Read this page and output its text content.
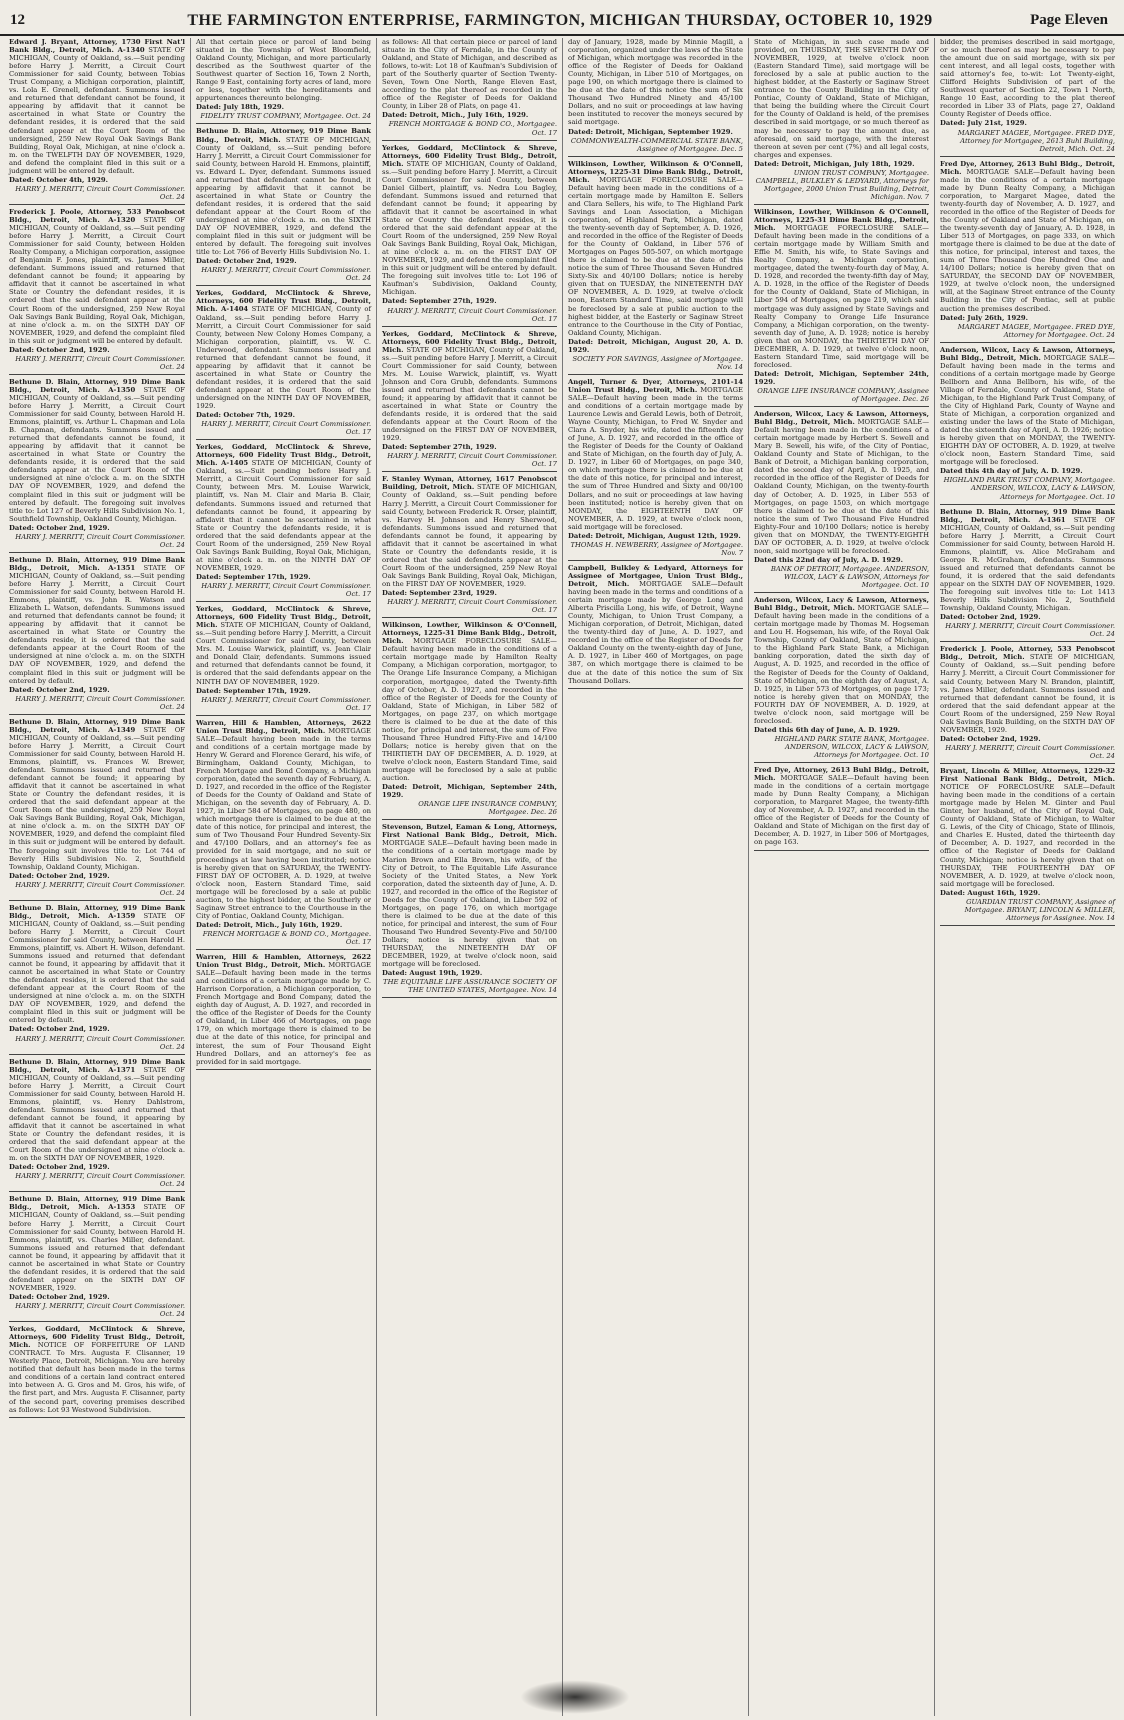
12	THE FARMINGTON ENTERPRISE, FARMINGTON, MICHIGAN THURSDAY, OCTOBER 10, 1929	Page Eleven
Edward J. Bryant, Attorney, 1730 First Nat'l Bank Bldg., Detroit, Mich. A-1340 STATE OF MICHIGAN, County of Oakland, ss.—Suit pending before Harry J. Merritt, a Circuit Court Commissioner for said County, between Tobias Trust Company, a Michigan corporation, plaintiff, vs. Lola E. Grenell, defendant. Summons issued and returned that defendant cannot be found, it appearing by affidavit that it cannot be ascertained in what State or Country the defendant resides, it is ordered that the said defendant appear at the Court Room of the undersigned, 259 New Royal Oak Savings Bank Building, Royal Oak, Michigan, at nine o'clock a. m. on the TWELFTH DAY OF NOVEMBER, 1929, and defend the complaint filed in this suit or a judgment will be entered by default.
Dated: October 4th, 1929.
HARRY J. MERRITT, Circuit Court Commissioner. Oct. 24
Frederick J. Poole, Attorney, 533 Penobscot Bldg., Detroit, Mich. A-1320 STATE OF MICHIGAN, County of Oakland, ss.—Suit pending before Harry J. Merritt, a Circuit Court Commissioner for said County, between Holden Realty Company, a Michigan corporation, assignee of Benjamin F. Jones, plaintiff, vs. James Miller, defendant. Summons issued and returned that defendant cannot be found; it appearing by affidavit that it cannot be ascertained in what State or Country the defendant resides, it is ordered that the said defendant appear at the Court Room of the undersigned, 259 New Royal Oak Savings Bank Building, Royal Oak, Michigan, at nine o'clock a. m. on the SIXTH DAY OF NOVEMBER, 1929, and defend the complaint filed in this suit or judgment will be entered by default.
Dated: October 2nd, 1929.
HARRY J. MERRITT, Circuit Court Commissioner. Oct. 24
Bethune D. Blain, Attorney, 919 Dime Bank Bldg., Detroit, Mich. A-1350 STATE OF MICHIGAN, County of Oakland, ss.—Suit pending before Harry J. Merritt, a Circuit Court Commissioner for said County, between Harold H. Emmons, plaintiff, vs. Arthur L. Chapman and Lola B. Chapman, defendants. Summons issued and returned that defendants cannot be found, it appearing by affidavit that it cannot be ascertained in what State or Country the defendants reside, it is ordered that the said defendants appear at the Court Room of the undersigned at nine o'clock a. m. on the SIXTH DAY OF NOVEMBER, 1929, and defend the complaint filed in this suit or judgment will be entered by default. The foregoing suit involves title to: Lot 127 of Beverly Hills Subdivision No. 1, Southfield Township, Oakland County, Michigan.
Dated: October 2nd, 1929.
HARRY J. MERRITT, Circuit Court Commissioner. Oct. 24
Bethune D. Blain, Attorney, 919 Dime Bank Bldg., Detroit, Mich. A-1351 STATE OF MICHIGAN, County of Oakland, ss.—Suit pending before Harry J. Merritt, a Circuit Court Commissioner for said County, between Harold H. Emmons, plaintiff, vs. John R. Watson and Elizabeth L. Watson, defendants. Summons issued and returned that defendants cannot be found; it appearing by affidavit that it cannot be ascertained in what State or Country the defendants reside, it is ordered that the said defendants appear at the Court Room of the undersigned at nine o'clock a. m. on the SIXTH DAY OF NOVEMBER, 1929, and defend the complaint filed in this suit or judgment will be entered by default.
Dated: October 2nd, 1929.
HARRY J. MERRITT, Circuit Court Commissioner. Oct. 24
Bethune D. Blain, Attorney, 919 Dime Bank Bldg., Detroit, Mich. A-1349 STATE OF MICHIGAN, County of Oakland, ss.—Suit pending before Harry J. Merritt, a Circuit Court Commissioner for said County, between Harold H. Emmons, plaintiff, vs. Frances W. Brewer, defendant. Summons issued and returned that defendant cannot be found; it appearing by affidavit that it cannot be ascertained in what State or Country the defendant resides, it is ordered that the said defendant appear at the Court Room of the undersigned, 259 New Royal Oak Savings Bank Building, Royal Oak, Michigan, at nine o'clock a. m. on the SIXTH DAY OF NOVEMBER, 1929, and defend the complaint filed in this suit or judgment will be entered by default. The foregoing suit involves title to: Lot 744 of Beverly Hills Subdivision No. 2, Southfield Township, Oakland County, Michigan.
Dated: October 2nd, 1929.
HARRY J. MERRITT, Circuit Court Commissioner. Oct. 24
Bethune D. Blain, Attorney, 919 Dime Bank Bldg., Detroit, Mich. A-1359 STATE OF MICHIGAN, County of Oakland, ss.—Suit pending before Harry J. Merritt, a Circuit Court Commissioner for said County, between Harold H. Emmons, plaintiff, vs. Albert H. Wilson, defendant. Summons issued and returned that defendant cannot be found, it appearing by affidavit that it cannot be ascertained in what State or Country the defendant resides, it is ordered that the said defendant appear at the Court Room of the undersigned at nine o'clock a. m. on the SIXTH DAY OF NOVEMBER, 1929, and defend the complaint filed in this suit or judgment will be entered by default.
Dated: October 2nd, 1929.
HARRY J. MERRITT, Circuit Court Commissioner. Oct. 24
Bethune D. Blain, Attorney, 919 Dime Bank Bldg., Detroit, Mich. A-1371 STATE OF MICHIGAN, County of Oakland, ss.—Suit pending before Harry J. Merritt, a Circuit Court Commissioner for said County, between Harold H. Emmons, plaintiff, vs. Henry Dahlstrom, defendant. Summons issued and returned that defendant cannot be found, it appearing by affidavit that it cannot be ascertained in what State or Country the defendant resides, it is ordered that the said defendant appear at the Court Room of the undersigned at nine o'clock a. m. on the SIXTH DAY OF NOVEMBER, 1929.
Dated: October 2nd, 1929.
HARRY J. MERRITT, Circuit Court Commissioner. Oct. 24
Bethune D. Blain, Attorney, 919 Dime Bank Bldg., Detroit, Mich. A-1353 STATE OF MICHIGAN, County of Oakland, ss.—Suit pending before Harry J. Merritt, a Circuit Court Commissioner for said County, between Harold H. Emmons, plaintiff, vs. Charles Miller, defendant. Summons issued and returned that defendant cannot be found, it appearing by affidavit that it cannot be ascertained in what State or Country the defendant resides, it is ordered that the said defendant appear on the SIXTH DAY OF NOVEMBER, 1929.
Dated: October 2nd, 1929.
HARRY J. MERRITT, Circuit Court Commissioner. Oct. 24
Yerkes, Goddard, McClintock & Shreve, Attorneys, 600 Fidelity Trust Bldg., Detroit, Mich. NOTICE OF FORFEITURE OF LAND CONTRACT. To Mrs. Augusta F. Clisanner, 19 Westerly Place, Detroit, Michigan. You are hereby notified that default has been made in the terms and conditions of a certain land contract entered into between A. G. Gros and M. Gros, his wife, of the first part, and Mrs. Augusta F. Clisanner, party of the second part, covering premises described as follows: Lot 93 Westwood Subdivision.
All that certain piece or parcel of land being situated in the Township of West Bloomfield, Oakland County, Michigan, and more particularly described as the Southwest quarter of the Southwest quarter of Section 16, Town 2 North, Range 9 East, containing forty acres of land, more or less, together with the hereditaments and appurtenances thereunto belonging.
Dated: July 18th, 1929.
FIDELITY TRUST COMPANY, Mortgagee. Oct. 24
Bethune D. Blain, Attorney, 919 Dime Bank Bldg., Detroit, Mich. STATE OF MICHIGAN, County of Oakland, ss.—Suit pending before Harry J. Merritt, a Circuit Court Commissioner for said County, between Harold H. Emmons, plaintiff, vs. Edward L. Dyer, defendant. Summons issued and returned that defendant cannot be found, it appearing by affidavit that it cannot be ascertained in what State or Country the defendant resides, it is ordered that the said defendant appear at the Court Room of the undersigned at nine o'clock a. m. on the SIXTH DAY OF NOVEMBER, 1929, and defend the complaint filed in this suit or judgment will be entered by default. The foregoing suit involves title to: Lot 766 of Beverly Hills Subdivision No. 1.
Dated: October 2nd, 1929.
HARRY J. MERRITT, Circuit Court Commissioner. Oct. 24
Yerkes, Goddard, McClintock & Shreve, Attorneys, 600 Fidelity Trust Bldg., Detroit, Mich. A-1404 STATE OF MICHIGAN, County of Oakland, ss.—Suit pending before Harry J. Merritt, a Circuit Court Commissioner for said County, between New Colony Homes Company, a Michigan corporation, plaintiff, vs. W. C. Underwood, defendant. Summons issued and returned that defendant cannot be found, it appearing by affidavit that it cannot be ascertained in what State or Country the defendant resides, it is ordered that the said defendant appear at the Court Room of the undersigned on the NINTH DAY OF NOVEMBER, 1929.
Dated: October 7th, 1929.
HARRY J. MERRITT, Circuit Court Commissioner. Oct. 17
Yerkes, Goddard, McClintock & Shreve, Attorneys, 600 Fidelity Trust Bldg., Detroit, Mich. A-1405 STATE OF MICHIGAN, County of Oakland, ss.—Suit pending before Harry J. Merritt, a Circuit Court Commissioner for said County, between Mrs. M. Louise Warwick, plaintiff, vs. Nan M. Clair and Maria B. Clair, defendants. Summons issued and returned that defendants cannot be found, it appearing by affidavit that it cannot be ascertained in what State or Country the defendants reside, it is ordered that the said defendants appear at the Court Room of the undersigned, 259 New Royal Oak Savings Bank Building, Royal Oak, Michigan, at nine o'clock a. m. on the NINTH DAY OF NOVEMBER, 1929.
Dated: September 17th, 1929.
HARRY J. MERRITT, Circuit Court Commissioner. Oct. 17
Yerkes, Goddard, McClintock & Shreve, Attorneys, 600 Fidelity Trust Bldg., Detroit, Mich. STATE OF MICHIGAN, County of Oakland, ss.—Suit pending before Harry J. Merritt, a Circuit Court Commissioner for said County, between Mrs. M. Louise Warwick, plaintiff, vs. Jean Clair and Donald Clair, defendants. Summons issued and returned that defendants cannot be found, it is ordered that the said defendants appear on the NINTH DAY OF NOVEMBER, 1929.
Dated: September 17th, 1929.
HARRY J. MERRITT, Circuit Court Commissioner. Oct. 17
Warren, Hill & Hamblen, Attorneys, 2622 Union Trust Bldg., Detroit, Mich. MORTGAGE SALE—Default having been made in the terms and conditions of a certain mortgage made by Henry W. Gerard and Florence Gerard, his wife, of Birmingham, Oakland County, Michigan, to French Mortgage and Bond Company, a Michigan corporation, dated the seventh day of February, A. D. 1927, and recorded in the office of the Register of Deeds for the County of Oakland and State of Michigan, on the seventh day of February, A. D. 1927, in Liber 584 of Mortgages, on page 480, on which mortgage there is claimed to be due at the date of this notice, for principal and interest, the sum of Two Thousand Four Hundred Seventy-Six and 47/100 Dollars, and an attorney's fee as provided for in said mortgage, and no suit or proceedings at law having been instituted; notice is hereby given that on SATURDAY, the TWENTY-FIRST DAY OF OCTOBER, A. D. 1929, at twelve o'clock noon, Eastern Standard Time, said mortgage will be foreclosed by a sale at public auction, to the highest bidder, at the Southerly or Saginaw Street entrance to the Courthouse in the City of Pontiac, Oakland County, Michigan.
Dated: Detroit, Mich., July 16th, 1929.
FRENCH MORTGAGE & BOND CO., Mortgagee. Oct. 17
Warren, Hill & Hamblen, Attorneys, 2622 Union Trust Bldg., Detroit, Mich. MORTGAGE SALE—Default having been made in the terms and conditions of a certain mortgage made by C. Harrison Corporation, a Michigan corporation, to French Mortgage and Bond Company, dated the eighth day of August, A. D. 1927, and recorded in the office of the Register of Deeds for the County of Oakland, in Liber 466 of Mortgages, on page 179, on which mortgage there is claimed to be due at the date of this notice, for principal and interest, the sum of Four Thousand Eight Hundred Dollars, and an attorney's fee as provided for in said mortgage.
as follows: All that certain piece or parcel of land situate in the City of Ferndale, in the County of Oakland, and State of Michigan, and described as follows, to-wit: Lot 18 of Kaufman's Subdivision of part of the Southerly quarter of Section Twenty-Seven, Town One North, Range Eleven East, according to the plat thereof as recorded in the office of the Register of Deeds for Oakland County, in Liber 28 of Plats, on page 41.
Dated: Detroit, Mich., July 16th, 1929.
FRENCH MORTGAGE & BOND CO., Mortgagee. Oct. 17
Yerkes, Goddard, McClintock & Shreve, Attorneys, 600 Fidelity Trust Bldg., Detroit, Mich. STATE OF MICHIGAN, County of Oakland, ss.—Suit pending before Harry J. Merritt, a Circuit Court Commissioner for said County, between Daniel Gilbert, plaintiff, vs. Nedra Lou Bagley, defendant. Summons issued and returned that defendant cannot be found; it appearing by affidavit that it cannot be ascertained in what State or Country the defendant resides, it is ordered that the said defendant appear at the Court Room of the undersigned, 259 New Royal Oak Savings Bank Building, Royal Oak, Michigan, at nine o'clock a. m. on the FIRST DAY OF NOVEMBER, 1929, and defend the complaint filed in this suit or judgment will be entered by default. The foregoing suit involves title to: Lot 196 of Kaufman's Subdivision, Oakland County, Michigan.
Dated: September 27th, 1929.
HARRY J. MERRITT, Circuit Court Commissioner. Oct. 17
Yerkes, Goddard, McClintock & Shreve, Attorneys, 600 Fidelity Trust Bldg., Detroit, Mich. STATE OF MICHIGAN, County of Oakland, ss.—Suit pending before Harry J. Merritt, a Circuit Court Commissioner for said County, between Mrs. M. Louise Warwick, plaintiff, vs. Wyatt Johnson and Cora Grubb, defendants. Summons issued and returned that defendants cannot be found; it appearing by affidavit that it cannot be ascertained in what State or Country the defendants reside, it is ordered that the said defendants appear at the Court Room of the undersigned on the FIRST DAY OF NOVEMBER, 1929.
Dated: September 27th, 1929.
HARRY J. MERRITT, Circuit Court Commissioner. Oct. 17
F. Stanley Wyman, Attorney, 1617 Penobscot Building, Detroit, Mich. STATE OF MICHIGAN, County of Oakland, ss.—Suit pending before Harry J. Merritt, a Circuit Court Commissioner for said County, between Frederick R. Orser, plaintiff, vs. Harvey H. Johnson and Henry Sherwood, defendants. Summons issued and returned that defendants cannot be found, it appearing by affidavit that it cannot be ascertained in what State or Country the defendants reside, it is ordered that the said defendants appear at the Court Room of the undersigned, 259 New Royal Oak Savings Bank Building, Royal Oak, Michigan, on the FIRST DAY OF NOVEMBER, 1929.
Dated: September 23rd, 1929.
HARRY J. MERRITT, Circuit Court Commissioner. Oct. 17
Wilkinson, Lowther, Wilkinson & O'Connell, Attorneys, 1225-31 Dime Bank Bldg., Detroit, Mich. MORTGAGE FORECLOSURE SALE—Default having been made in the conditions of a certain mortgage made by Hamilton Realty Company, a Michigan corporation, mortgagor, to The Orange Life Insurance Company, a Michigan corporation, mortgagee, dated the Twenty-fifth day of October, A. D. 1927, and recorded in the office of the Register of Deeds for the County of Oakland, State of Michigan, in Liber 582 of Mortgages, on page 237, on which mortgage there is claimed to be due at the date of this notice, for principal and interest, the sum of Five Thousand Three Hundred Fifty-Five and 14/100 Dollars; notice is hereby given that on the THIRTIETH DAY OF DECEMBER, A. D. 1929, at twelve o'clock noon, Eastern Standard Time, said mortgage will be foreclosed by a sale at public auction.
Dated: Detroit, Michigan, September 24th, 1929.
ORANGE LIFE INSURANCE COMPANY, Mortgagee. Dec. 26
Stevenson, Butzel, Eaman & Long, Attorneys, First National Bank Bldg., Detroit, Mich. MORTGAGE SALE—Default having been made in the conditions of a certain mortgage made by Marion Brown and Ella Brown, his wife, of the City of Detroit, to The Equitable Life Assurance Society of the United States, a New York corporation, dated the sixteenth day of June, A. D. 1927, and recorded in the office of the Register of Deeds for the County of Oakland, in Liber 592 of Mortgages, on page 176, on which mortgage there is claimed to be due at the date of this notice, for principal and interest, the sum of Four Thousand Two Hundred Seventy-Five and 50/100 Dollars; notice is hereby given that on THURSDAY, the NINETEENTH DAY OF DECEMBER, 1929, at twelve o'clock noon, said mortgage will be foreclosed.
Dated: August 19th, 1929.
THE EQUITABLE LIFE ASSURANCE SOCIETY OF THE UNITED STATES, Mortgagee. Nov. 14
day of January, 1928, made by Minnie Magill, a corporation, organized under the laws of the State of Michigan, which mortgage was recorded in the office of the Register of Deeds for Oakland County, Michigan, in Liber 510 of Mortgages, on page 190, on which mortgage there is claimed to be due at the date of this notice the sum of Six Thousand Two Hundred Ninety and 45/100 Dollars, and no suit or proceedings at law having been instituted to recover the moneys secured by said mortgage.
Dated: Detroit, Michigan, September 1929.
COMMONWEALTH-COMMERCIAL STATE BANK, Assignee of Mortgagee. Dec. 5
Wilkinson, Lowther, Wilkinson & O'Connell, Attorneys, 1225-31 Dime Bank Bldg., Detroit, Mich. MORTGAGE FORECLOSURE SALE—Default having been made in the conditions of a certain mortgage made by Hamilton E. Sellers and Clara Sellers, his wife, to The Highland Park Savings and Loan Association, a Michigan corporation, of Highland Park, Michigan, dated the twenty-seventh day of September, A. D. 1926, and recorded in the office of the Register of Deeds for the County of Oakland, in Liber 576 of Mortgages on Pages 505-507, on which mortgage there is claimed to be due at the date of this notice the sum of Three Thousand Seven Hundred Sixty-Six and 40/100 Dollars; notice is hereby given that on TUESDAY, the NINETEENTH DAY OF NOVEMBER, A. D. 1929, at twelve o'clock noon, Eastern Standard Time, said mortgage will be foreclosed by a sale at public auction to the highest bidder, at the Easterly or Saginaw Street entrance to the Courthouse in the City of Pontiac, Oakland County, Michigan.
Dated: Detroit, Michigan, August 20, A. D. 1929.
SOCIETY FOR SAVINGS, Assignee of Mortgagee. Nov. 14
Angell, Turner & Dyer, Attorneys, 2101-14 Union Trust Bldg., Detroit, Mich. MORTGAGE SALE—Default having been made in the terms and conditions of a certain mortgage made by Laurence Lewis and Gerald Lewis, both of Detroit, Wayne County, Michigan, to Fred W. Snyder and Clara A. Snyder, his wife, dated the fifteenth day of June, A. D. 1927, and recorded in the office of the Register of Deeds for the County of Oakland and State of Michigan, on the fourth day of July, A. D. 1927, in Liber 60 of Mortgages, on page 340, on which mortgage there is claimed to be due at the date of this notice, for principal and interest, the sum of Three Hundred and Sixty and 00/100 Dollars, and no suit or proceedings at law having been instituted; notice is hereby given that on MONDAY, the EIGHTEENTH DAY OF NOVEMBER, A. D. 1929, at twelve o'clock noon, said mortgage will be foreclosed.
Dated: Detroit, Michigan, August 12th, 1929.
THOMAS H. NEWBERRY, Assignee of Mortgagee. Nov. 7
Campbell, Bulkley & Ledyard, Attorneys for Assignee of Mortgagee, Union Trust Bldg., Detroit, Mich. MORTGAGE SALE—Default having been made in the terms and conditions of a certain mortgage made by George Long and Alberta Priscilla Long, his wife, of Detroit, Wayne County, Michigan, to Union Trust Company, a Michigan corporation, of Detroit, Michigan, dated the twenty-third day of June, A. D. 1927, and recorded in the office of the Register of Deeds for Oakland County on the twenty-eighth day of June, A. D. 1927, in Liber 460 of Mortgages, on page 387, on which mortgage there is claimed to be due at the date of this notice the sum of Six Thousand Dollars.
State of Michigan, in such case made and provided, on THURSDAY, THE SEVENTH DAY OF NOVEMBER, 1929, at twelve o'clock noon (Eastern Standard Time), said mortgage will be foreclosed by a sale at public auction to the highest bidder, at the Easterly or Saginaw Street entrance to the County Building in the City of Pontiac, County of Oakland, State of Michigan, that being the building where the Circuit Court for the County of Oakland is held, of the premises described in said mortgage, or so much thereof as may be necessary to pay the amount due, as aforesaid, on said mortgage, with the interest thereon at seven per cent (7%) and all legal costs, charges and expenses.
Dated: Detroit, Michigan, July 18th, 1929.
UNION TRUST COMPANY, Mortgagee. CAMPBELL, BULKLEY & LEDYARD, Attorneys for Mortgagee, 2000 Union Trust Building, Detroit, Michigan. Nov. 7
Wilkinson, Lowther, Wilkinson & O'Connell, Attorneys, 1225-31 Dime Bank Bldg., Detroit, Mich. MORTGAGE FORECLOSURE SALE—Default having been made in the conditions of a certain mortgage made by William Smith and Effie M. Smith, his wife, to State Savings and Realty Company, a Michigan corporation, mortgagee, dated the twenty-fourth day of May, A. D. 1928, and recorded the twenty-fifth day of May, A. D. 1928, in the office of the Register of Deeds for the County of Oakland, State of Michigan, in Liber 594 of Mortgages, on page 219, which said mortgage was duly assigned by State Savings and Realty Company to Orange Life Insurance Company, a Michigan corporation, on the twenty-seventh day of June, A. D. 1928; notice is hereby given that on MONDAY, the THIRTIETH DAY OF DECEMBER, A. D. 1929, at twelve o'clock noon, Eastern Standard Time, said mortgage will be foreclosed.
Dated: Detroit, Michigan, September 24th, 1929.
ORANGE LIFE INSURANCE COMPANY, Assignee of Mortgagee. Dec. 26
Anderson, Wilcox, Lacy & Lawson, Attorneys, Buhl Bldg., Detroit, Mich. MORTGAGE SALE—Default having been made in the conditions of a certain mortgage made by Herbert S. Sewell and Mary B. Sewell, his wife, of the City of Pontiac, Oakland County and State of Michigan, to the Bank of Detroit, a Michigan banking corporation, dated the second day of April, A. D. 1925, and recorded in the office of the Register of Deeds for Oakland County, Michigan, on the twenty-fourth day of October, A. D. 1925, in Liber 553 of Mortgages, on page 1503, on which mortgage there is claimed to be due at the date of this notice the sum of Two Thousand Five Hundred Eighty-Four and 10/100 Dollars; notice is hereby given that on MONDAY, the TWENTY-EIGHTH DAY OF OCTOBER, A. D. 1929, at twelve o'clock noon, said mortgage will be foreclosed.
Dated this 22nd day of July, A. D. 1929.
BANK OF DETROIT, Mortgagee. ANDERSON, WILCOX, LACY & LAWSON, Attorneys for Mortgagee. Oct. 10
Anderson, Wilcox, Lacy & Lawson, Attorneys, Buhl Bldg., Detroit, Mich. MORTGAGE SALE—Default having been made in the conditions of a certain mortgage made by Thomas M. Hogseman and Lou H. Hogseman, his wife, of the Royal Oak Township, County of Oakland, State of Michigan, to the Highland Park State Bank, a Michigan banking corporation, dated the sixth day of August, A. D. 1925, and recorded in the office of the Register of Deeds for the County of Oakland, State of Michigan, on the eighth day of August, A. D. 1925, in Liber 573 of Mortgages, on page 173; notice is hereby given that on MONDAY, the FOURTH DAY OF NOVEMBER, A. D. 1929, at twelve o'clock noon, said mortgage will be foreclosed.
Dated this 6th day of June, A. D. 1929.
HIGHLAND PARK STATE BANK, Mortgagee. ANDERSON, WILCOX, LACY & LAWSON, Attorneys for Mortgagee. Oct. 10
Fred Dye, Attorney, 2613 Buhl Bldg., Detroit, Mich. MORTGAGE SALE—Default having been made in the conditions of a certain mortgage made by Dunn Realty Company, a Michigan corporation, to Margaret Magee, the twenty-fifth day of November, A. D. 1927, and recorded in the office of the Register of Deeds for the County of Oakland and State of Michigan on the first day of December, A. D. 1927, in Liber 506 of Mortgages, on page 163.
bidder, the premises described in said mortgage, or so much thereof as may be necessary to pay the amount due on said mortgage, with six per cent interest, and all legal costs, together with said attorney's fee, to-wit: Lot Twenty-eight, Clifford Heights Subdivision of part of the Southwest quarter of Section 22, Town 1 North, Range 10 East, according to the plat thereof recorded in Liber 33 of Plats, page 27, Oakland County Register of Deeds office.
Dated: July 21st, 1929.
MARGARET MAGEE, Mortgagee. FRED DYE, Attorney for Mortgagee, 2613 Buhl Building, Detroit, Mich. Oct. 24
Fred Dye, Attorney, 2613 Buhl Bldg., Detroit, Mich. MORTGAGE SALE—Default having been made in the conditions of a certain mortgage made by Dunn Realty Company, a Michigan corporation, to Margaret Magee, dated the twenty-fourth day of November, A. D. 1927, and recorded in the office of the Register of Deeds for the County of Oakland and State of Michigan, on the twenty-seventh day of January, A. D. 1928, in Liber 513 of Mortgages, on page 333, on which mortgage there is claimed to be due at the date of this notice, for principal, interest and taxes, the sum of Three Thousand One Hundred One and 14/100 Dollars; notice is hereby given that on SATURDAY, the SECOND DAY OF NOVEMBER, 1929, at twelve o'clock noon, the undersigned will, at the Saginaw Street entrance of the County Building in the City of Pontiac, sell at public auction the premises described.
Dated: July 26th, 1929.
MARGARET MAGEE, Mortgagee. FRED DYE, Attorney for Mortgagee. Oct. 24
Anderson, Wilcox, Lacy & Lawson, Attorneys, Buhl Bldg., Detroit, Mich. MORTGAGE SALE—Default having been made in the terms and conditions of a certain mortgage made by George Bellborn and Anna Bellborn, his wife, of the Village of Ferndale, County of Oakland, State of Michigan, to the Highland Park Trust Company, of the City of Highland Park, County of Wayne and State of Michigan, a corporation organized and existing under the laws of the State of Michigan, dated the sixteenth day of April, A. D. 1926; notice is hereby given that on MONDAY, the TWENTY-EIGHTH DAY OF OCTOBER, A. D. 1929, at twelve o'clock noon, Eastern Standard Time, said mortgage will be foreclosed.
Dated this 4th day of July, A. D. 1929.
HIGHLAND PARK TRUST COMPANY, Mortgagee. ANDERSON, WILCOX, LACY & LAWSON, Attorneys for Mortgagee. Oct. 10
Bethune D. Blain, Attorney, 919 Dime Bank Bldg., Detroit, Mich. A-1361 STATE OF MICHIGAN, County of Oakland, ss.—Suit pending before Harry J. Merritt, a Circuit Court Commissioner for said County, between Harold H. Emmons, plaintiff, vs. Alice McGraham and George R. McGraham, defendants. Summons issued and returned that defendants cannot be found, it is ordered that the said defendants appear on the SIXTH DAY OF NOVEMBER, 1929. The foregoing suit involves title to: Lot 1413 Beverly Hills Subdivision No. 2, Southfield Township, Oakland County, Michigan.
Dated: October 2nd, 1929.
HARRY J. MERRITT, Circuit Court Commissioner. Oct. 24
Frederick J. Poole, Attorney, 533 Penobscot Bldg., Detroit, Mich. STATE OF MICHIGAN, County of Oakland, ss.—Suit pending before Harry J. Merritt, a Circuit Court Commissioner for said County, between Mary N. Brandon, plaintiff, vs. James Miller, defendant. Summons issued and returned that defendant cannot be found, it is ordered that the said defendant appear at the Court Room of the undersigned, 259 New Royal Oak Savings Bank Building, on the SIXTH DAY OF NOVEMBER, 1929.
Dated: October 2nd, 1929.
HARRY J. MERRITT, Circuit Court Commissioner. Oct. 24
Bryant, Lincoln & Miller, Attorneys, 1229-32 First National Bank Bldg., Detroit, Mich. NOTICE OF FORECLOSURE SALE—Default having been made in the conditions of a certain mortgage made by Helen M. Ginter and Paul Ginter, her husband, of the City of Royal Oak, County of Oakland, State of Michigan, to Walter G. Lewis, of the City of Chicago, State of Illinois, and Charles E. Husted, dated the thirteenth day of December, A. D. 1927, and recorded in the office of the Register of Deeds for Oakland County, Michigan; notice is hereby given that on THURSDAY, THE FOURTEENTH DAY OF NOVEMBER, A. D. 1929, at twelve o'clock noon, said mortgage will be foreclosed.
Dated: August 16th, 1929.
GUARDIAN TRUST COMPANY, Assignee of Mortgagee. BRYANT, LINCOLN & MILLER, Attorneys for Assignee. Nov. 14
